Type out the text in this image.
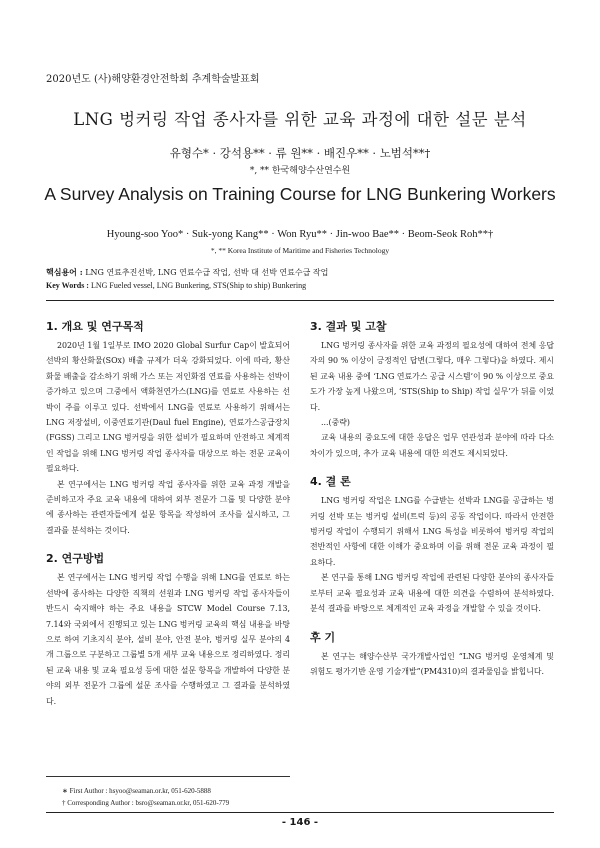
2020년도 (사)해양환경안전학회 추계학술발표회
LNG 벙커링 작업 종사자를 위한 교육 과정에 대한 설문 분석
유형수* · 강석용** · 류 원** · 배진우** · 노범석**†
*, ** 한국해양수산연수원
A Survey Analysis on Training Course for LNG Bunkering Workers
Hyoung-soo Yoo* · Suk-yong Kang** · Won Ryu** · Jin-woo Bae** · Beom-Seok Roh**†
*, ** Korea Institute of Maritime and Fisheries Technology
핵심용어 : LNG 연료추진선박, LNG 연료수급 작업, 선박 대 선박 연료수급 작업
Key Words : LNG Fueled vessel, LNG Bunkering, STS(Ship to ship) Bunkering
1. 개요 및 연구목적

2020년 1월 1일부로 IMO 2020 Global Surfur Cap이 발효되어 선박의 황산화물(SOx) 배출 규제가 더욱 강화되었다. 이에 따라, 황산화물 배출을 감소하기 위해 가스 또는 저인화점 연료를 사용하는 선박이 증가하고 있으며 그중에서 액화천연가스(LNG)를 연료로 사용하는 선박이 주를 이루고 있다. 선박에서 LNG를 연료로 사용하기 위해서는 LNG 저장설비, 이중연료기관(Daul fuel Engine), 연료가스공급장치(FGSS) 그리고 LNG 벙커링을 위한 설비가 필요하며 안전하고 체계적인 작업을 위해 LNG 벙커링 작업 종사자를 대상으로 하는 전문 교육이 필요하다.

본 연구에서는 LNG 벙커링 작업 종사자를 위한 교육 과정 개발을 준비하고자 주요 교육 내용에 대하여 외부 전문가 그룹 및 다양한 분야에 종사하는 관련자들에게 설문 항목을 작성하여 조사를 실시하고, 그 결과를 분석하는 것이다.

2. 연구방법

본 연구에서는 LNG 벙커링 작업 수행을 위해 LNG를 연료로 하는 선박에 종사하는 다양한 직책의 선원과 LNG 벙커링 작업 종사자들이 반드시 숙지해야 하는 주요 내용을 STCW Model Course 7.13, 7.14와 국외에서 진행되고 있는 LNG 벙커링 교육의 핵심 내용을 바탕으로 하여 기초지식 분야, 설비 분야, 안전 분야, 벙커링 실무 분야의 4개 그룹으로 구분하고 그룹별 5개 세부 교육 내용으로 정리하였다. 정리된 교육 내용 및 교육 필요성 등에 대한 설문 항목을 개발하여 다양한 분야의 외부 전문가 그룹에 설문 조사를 수행하였고 그 결과를 분석하였다.

3. 결과 및 고찰

LNG 벙커링 종사자를 위한 교육 과정의 필요성에 대하여 전체 응답자의 90 % 이상이 긍정적인 답변(그렇다, 매우 그렇다)을 하였다. 제시된 교육 내용 중에 ‘LNG 연료가스 공급 시스템’이 90 % 이상으로 중요도가 가장 높게 나왔으며, ‘STS(Ship to Ship) 작업 실무’가 뒤를 이었다.

...(중략)

교육 내용의 중요도에 대한 응답은 업무 연관성과 분야에 따라 다소 차이가 있으며, 추가 교육 내용에 대한 의견도 제시되었다.

4. 결 론

LNG 벙커링 작업은 LNG를 수급받는 선박과 LNG를 공급하는 벙커링 선박 또는 벙커링 설비(트럭 등)의 공동 작업이다. 따라서 안전한 벙커링 작업이 수행되기 위해서 LNG 특성을 비롯하여 벙커링 작업의 전반적인 사항에 대한 이해가 중요하며 이를 위해 전문 교육 과정이 필요하다.

본 연구를 통해 LNG 벙커링 작업에 관련된 다양한 분야의 종사자들로부터 교육 필요성과 교육 내용에 대한 의견을 수렴하여 분석하였다. 분석 결과를 바탕으로 체계적인 교육 과정을 개발할 수 있을 것이다.

후 기

본 연구는 해양수산부 국가개발사업인 “LNG 벙커링 운영체계 및 위험도 평가기반 운영 기술개발”(PM4310)의 결과물임을 밝힙니다.

∗ First Author : hsyoo@seaman.or.kr, 051-620-5888
† Corresponding Author : bsro@seaman.or.kr, 051-620-779
- 146 -
